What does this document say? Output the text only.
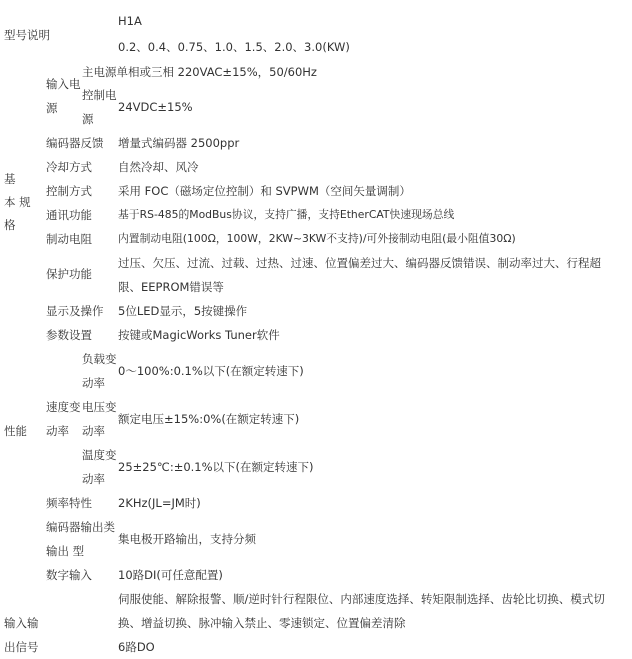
型号说明
H1A
0.2、0.4、0.75、1.0、1.5、2.0、3.0(KW)
基
本 规
格
输入电
源
主电源单相或三相 220VAC±15%，50/60Hz
控制电
源
24VDC±15%
编码器反馈 增量式编码器 2500ppr
冷却方式 自然冷却、风冷
控制方式 采用 FOC（磁场定位控制）和 SVPWM（空间矢量调制）
通讯功能 基于RS-485的ModBus协议，支持广播，支持EtherCAT快速现场总线
制动电阻 内置制动电阻(100Ω，100W，2KW~3KW不支持)/可外接制动电阻(最小阻值30Ω)
保护功能
过压、欠压、过流、过载、过热、过速、位置偏差过大、编码器反馈错误、制动率过大、行程超限、EEPROM错误等
显示及操作 5位LED显示，5按键操作
参数设置 按键或MagicWorks Tuner软件
性能
速度变
动率
负载变
动率
0～100%:0.1%以下(在额定转速下)
电压变
动率
额定电压±15%:0%(在额定转速下)
温度变
动率
25±25℃:±0.1%以下(在额定转速下)
频率特性 2KHz(JL=JM时)
编码器输出类
输出 型
集电极开路输出，支持分频
数字输入 10路DI(可任意配置)
伺服使能、解除报警、顺/逆时针行程限位、内部速度选择、转矩限制选择、齿轮比切换、模式切换、增益切换、脉冲输入禁止、零速锁定、位置偏差清除
输入输
出信号	6路DO
